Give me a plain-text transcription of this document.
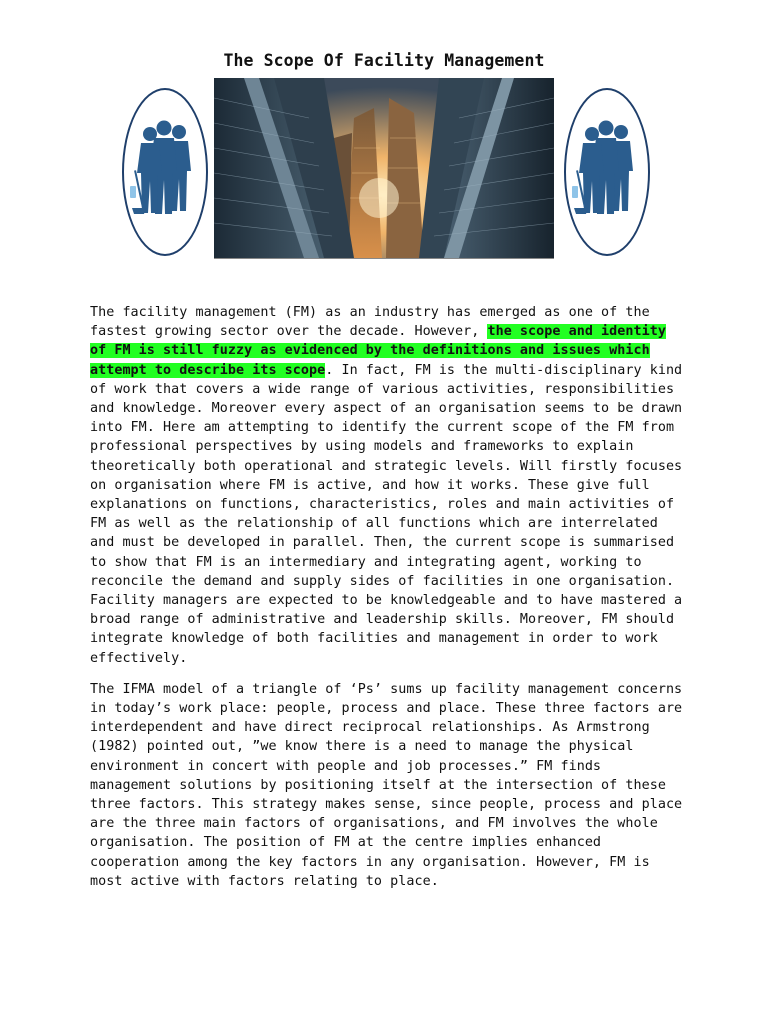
The Scope Of Facility Management

The facility management (FM) as an industry has emerged as one of the fastest growing sector over the decade. However, the scope and identity of FM is still fuzzy as evidenced by the definitions and issues which attempt to describe its scope. In fact, FM is the multi-disciplinary kind of work that covers a wide range of various activities, responsibilities and knowledge. Moreover every aspect of an organisation seems to be drawn into FM. Here am attempting to identify the current scope of the FM from professional perspectives by using models and frameworks to explain theoretically both operational and strategic levels. Will firstly focuses on organisation where FM is active, and how it works. These give full explanations on functions, characteristics, roles and main activities of FM as well as the relationship of all functions which are interrelated and must be developed in parallel. Then, the current scope is summarised to show that FM is an intermediary and integrating agent, working to reconcile the demand and supply sides of facilities in one organisation. Facility managers are expected to be knowledgeable and to have mastered a broad range of administrative and leadership skills. Moreover, FM should integrate knowledge of both facilities and management in order to work effectively.

The IFMA model of a triangle of ‘Ps’ sums up facility management concerns in today’s work place: people, process and place. These three factors are interdependent and have direct reciprocal relationships. As Armstrong (1982) pointed out, ”we know there is a need to manage the physical environment in concert with people and job processes.” FM finds management solutions by positioning itself at the intersection of these three factors. This strategy makes sense, since people, process and place are the three main factors of organisations, and FM involves the whole organisation. The position of FM at the centre implies enhanced cooperation among the key factors in any organisation. However, FM is most active with factors relating to place.
